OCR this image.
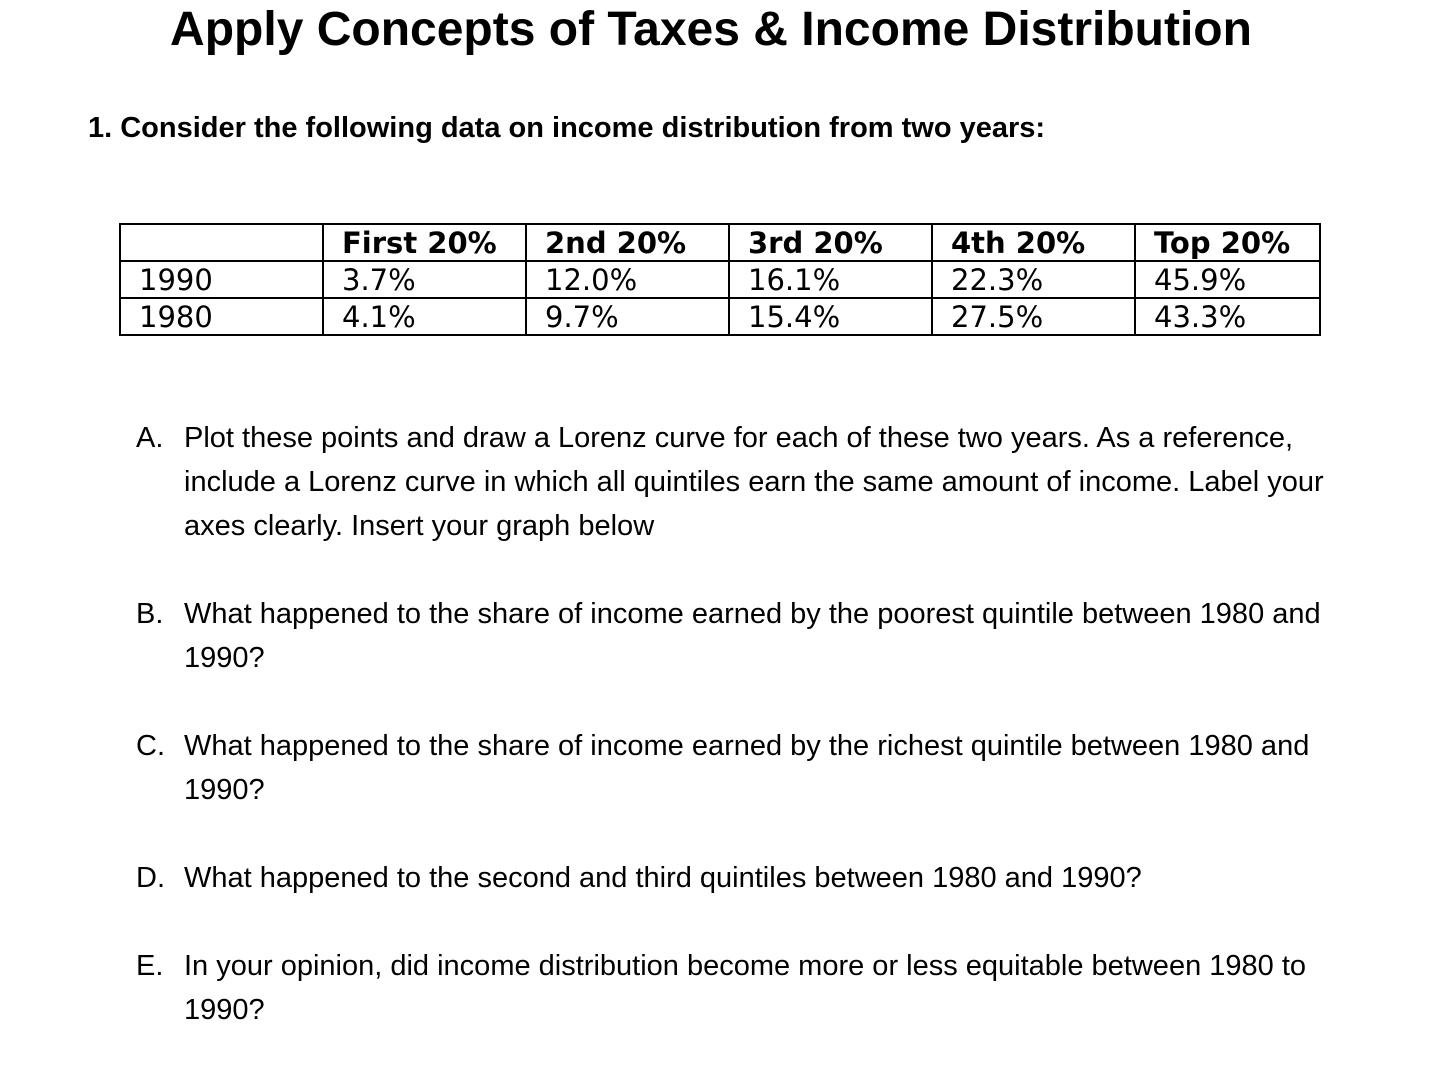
Apply Concepts of Taxes & Income Distribution
1. Consider the following data on income distribution from two years:
	First 20%	2nd 20%	3rd 20%	4th 20%	Top 20%
1990	3.7%	12.0%	16.1%	22.3%	45.9%
1980	4.1%	9.7%	15.4%	27.5%	43.3%
A. Plot these points and draw a Lorenz curve for each of these two years. As a reference, include a Lorenz curve in which all quintiles earn the same amount of income. Label your axes clearly. Insert your graph below
B. What happened to the share of income earned by the poorest quintile between 1980 and 1990?
C. What happened to the share of income earned by the richest quintile between 1980 and 1990?
D. What happened to the second and third quintiles between 1980 and 1990?
E. In your opinion, did income distribution become more or less equitable between 1980 to 1990?
